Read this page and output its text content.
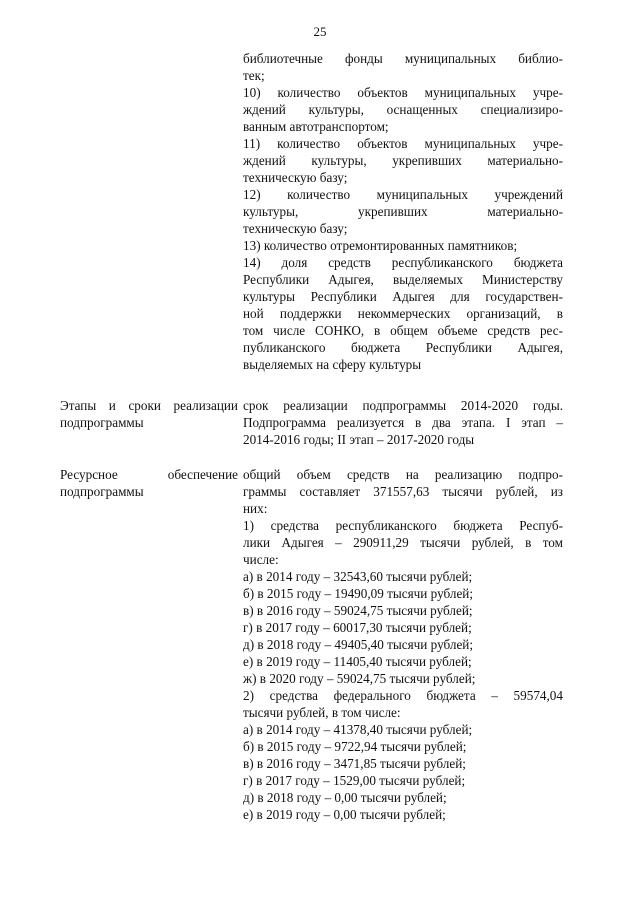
25
библиотечные фонды муниципальных библио-
тек;
10) количество объектов муниципальных учре-
ждений культуры, оснащенных специализиро-
ванным автотранспортом;
11) количество объектов муниципальных учре-
ждений культуры, укрепивших материально-
техническую базу;
12) количество муниципальных учреждений
культуры, укрепивших материально-
техническую базу;
13) количество отремонтированных памятников;
14) доля средств республиканского бюджета
Республики Адыгея, выделяемых Министерству
культуры Республики Адыгея для государствен-
ной поддержки некоммерческих организаций, в
том числе СОНКО, в общем объеме средств рес-
публиканского бюджета Республики Адыгея,
выделяемых на сферу культуры
Этапы и сроки реализации
подпрограммы
срок реализации подпрограммы 2014-2020 годы.
Подпрограмма реализуется в два этапа. I этап –
2014-2016 годы; II этап – 2017-2020 годы
Ресурсное обеспечение
подпрограммы
общий объем средств на реализацию подпро-
граммы составляет 371557,63 тысячи рублей, из
них:
1) средства республиканского бюджета Респуб-
лики Адыгея – 290911,29 тысячи рублей, в том
числе:
а) в 2014 году – 32543,60 тысячи рублей;
б) в 2015 году – 19490,09 тысячи рублей;
в) в 2016 году – 59024,75 тысячи рублей;
г) в 2017 году – 60017,30 тысячи рублей;
д) в 2018 году – 49405,40 тысячи рублей;
е) в 2019 году – 11405,40 тысячи рублей;
ж) в 2020 году – 59024,75 тысячи рублей;
2) средства федерального бюджета – 59574,04
тысячи рублей, в том числе:
а) в 2014 году – 41378,40 тысячи рублей;
б) в 2015 году – 9722,94 тысячи рублей;
в) в 2016 году – 3471,85 тысячи рублей;
г) в 2017 году – 1529,00 тысячи рублей;
д) в 2018 году – 0,00 тысячи рублей;
е) в 2019 году – 0,00 тысячи рублей;
